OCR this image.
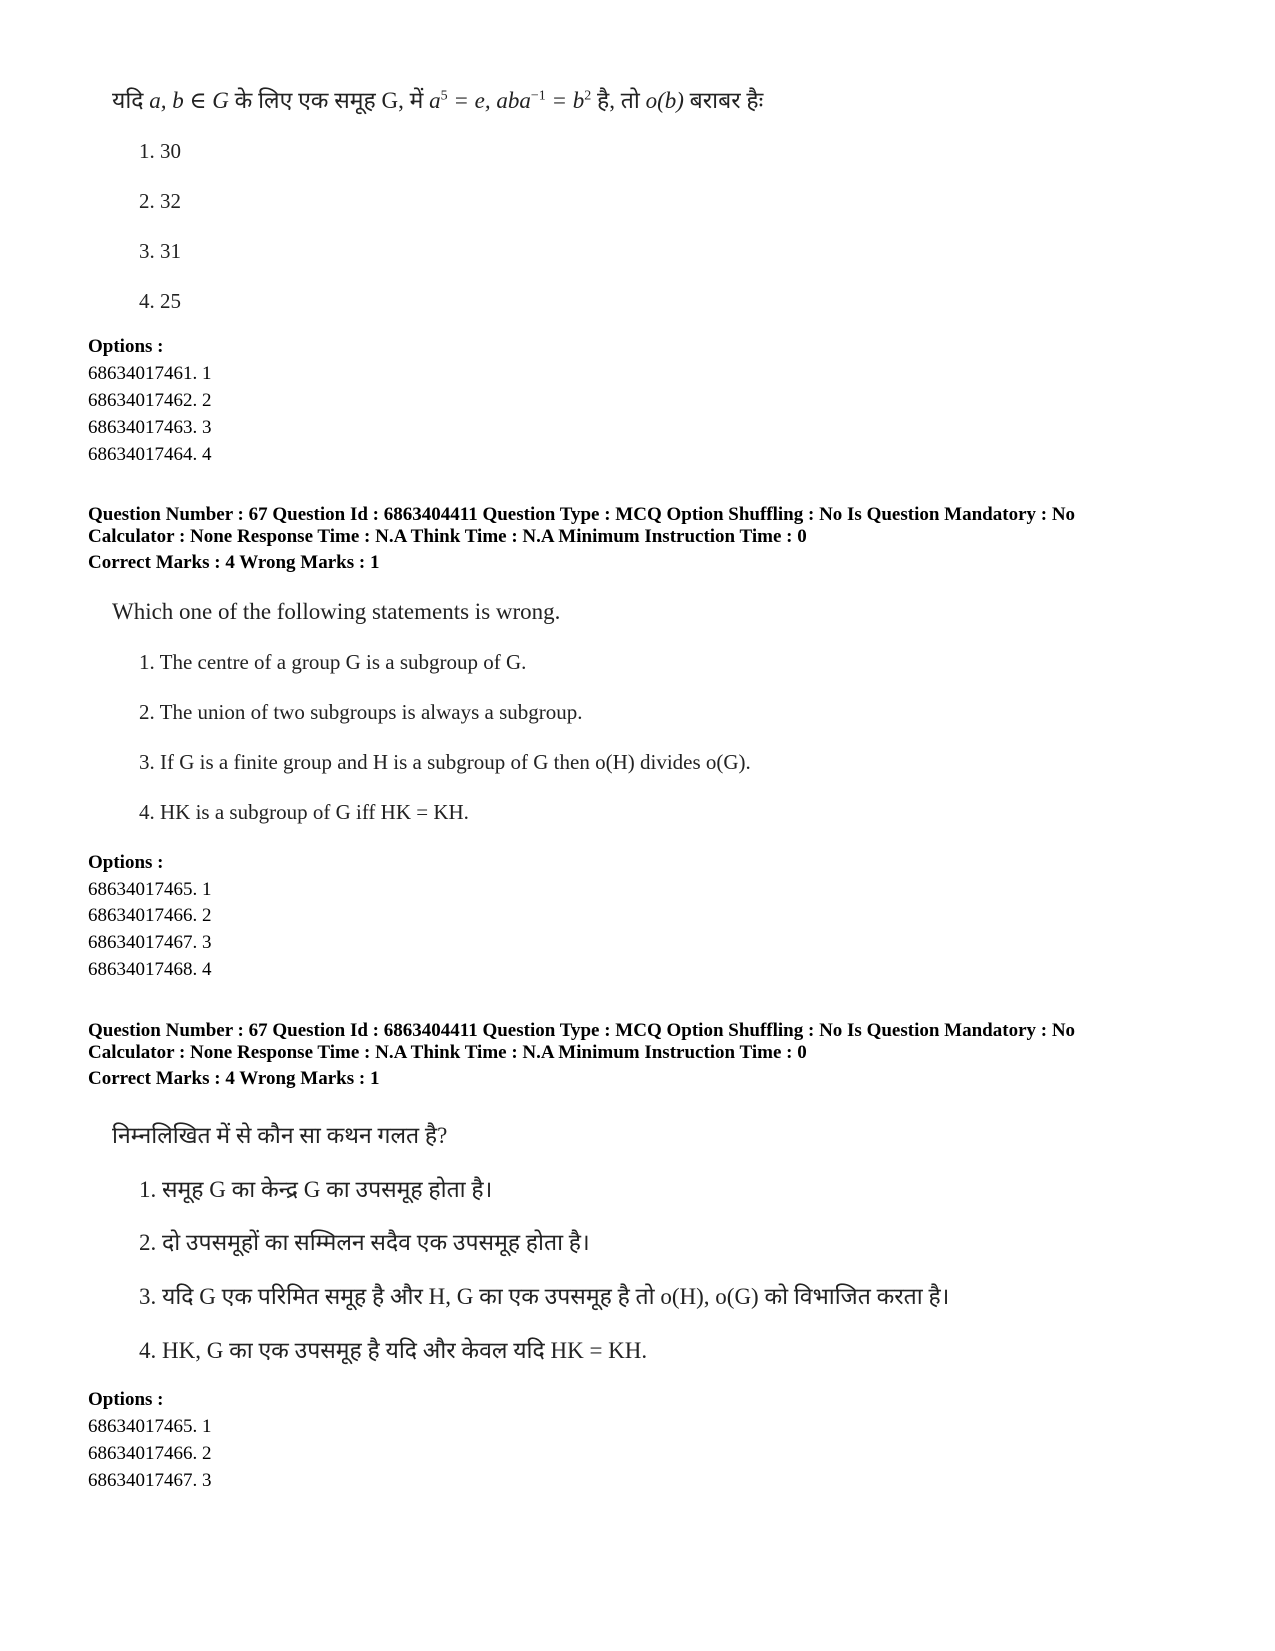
यदि a, b ∈ G के लिए एक समूह G, में $a^5 = e$, $aba^{-1} = b^2$ है, तो o(b) बराबर हैः
1. 30
2. 32
3. 31
4. 25
Options :
68634017461. 1
68634017462. 2
68634017463. 3
68634017464. 4
Question Number : 67 Question Id : 6863404411 Question Type : MCQ Option Shuffling : No Is Question Mandatory : No
Calculator : None Response Time : N.A Think Time : N.A Minimum Instruction Time : 0
Correct Marks : 4 Wrong Marks : 1
Which one of the following statements is wrong.
1. The centre of a group G is a subgroup of G.
2. The union of two subgroups is always a subgroup.
3. If G is a finite group and H is a subgroup of G then o(H) divides o(G).
4. HK is a subgroup of G iff HK = KH.
Options :
68634017465. 1
68634017466. 2
68634017467. 3
68634017468. 4
Question Number : 67 Question Id : 6863404411 Question Type : MCQ Option Shuffling : No Is Question Mandatory : No
Calculator : None Response Time : N.A Think Time : N.A Minimum Instruction Time : 0
Correct Marks : 4 Wrong Marks : 1
निम्नलिखित में से कौन सा कथन गलत है?
1. समूह G का केन्द्र G का उपसमूह होता है।
2. दो उपसमूहों का सम्मिलन सदैव एक उपसमूह होता है।
3. यदि G एक परिमित समूह है और H, G का एक उपसमूह है तो o(H), o(G) को विभाजित करता है।
4. HK, G का एक उपसमूह है यदि और केवल यदि HK = KH.
Options :
68634017465. 1
68634017466. 2
68634017467. 3
